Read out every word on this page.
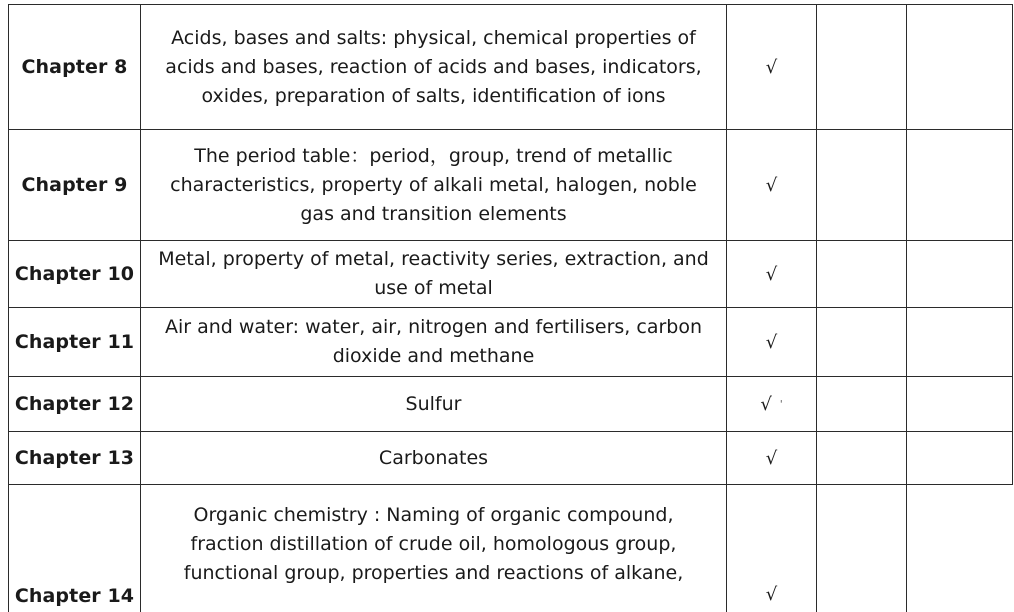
Chapter 8	Acids, bases and salts: physical, chemical properties of
acids and bases, reaction of acids and bases, indicators,
oxides, preparation of salts, identification of ions	√		
Chapter 9	The period table：period，group, trend of metallic
characteristics, property of alkali metal, halogen, noble
gas and transition elements	√		
Chapter 10	Metal, property of metal, reactivity series, extraction, and
use of metal	√		
Chapter 11	Air and water: water, air, nitrogen and fertilisers, carbon
dioxide and methane	√		
Chapter 12	Sulfur	√ '		
Chapter 13	Carbonates	√		

Chapter 14	Organic chemistry : Naming of organic compound,
fraction distillation of crude oil, homologous group,
functional group, properties and reactions of alkane,	√		
